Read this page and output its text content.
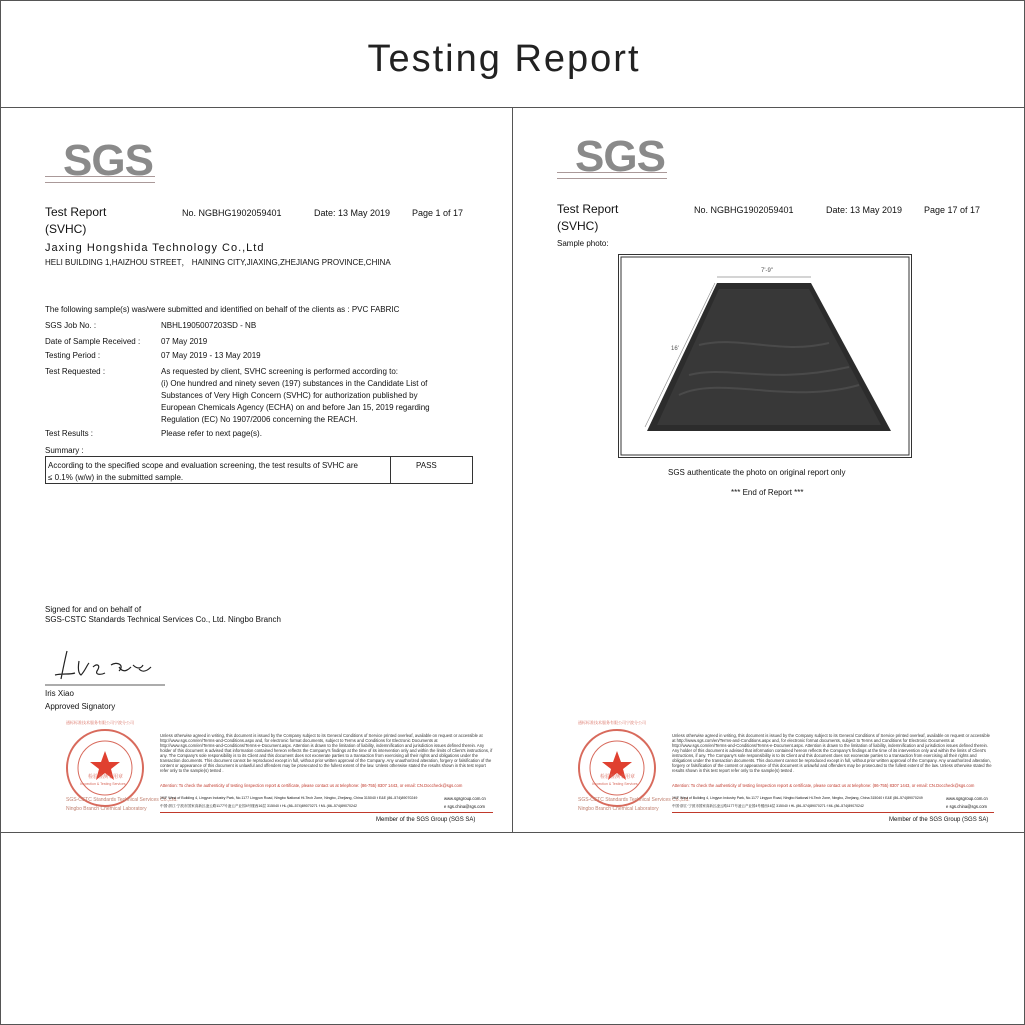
Testing Report
SGS
Test Report
(SVHC)
No. NGBHG1902059401	Date: 13 May 2019 Page 1 of 17
Jaxing Hongshida Technology Co.,Ltd
HELI BUILDING 1,HAIZHOU STREET， HAINING CITY,JIAXING,ZHEJIANG PROVINCE,CHINA
The following sample(s) was/were submitted and identified on behalf of the clients as : PVC FABRIC
SGS Job No. :	NBHL1905007203SD - NB
Date of Sample Received :	07 May 2019
Testing Period :	07 May 2019 - 13 May 2019
Test Requested :	As requested by client, SVHC screening is performed according to:
(i) One hundred and ninety seven (197) substances in the Candidate List of
Substances of Very High Concern (SVHC) for authorization published by
European Chemicals Agency (ECHA) on and before Jan 15, 2019 regarding
Regulation (EC) No 1907/2006 concerning the REACH.
Test Results :	Please refer to next page(s).
Summary :
According to the specified scope and evaluation screening, the test results of SVHC are
≤ 0.1% (w/w) in the submitted sample.
PASS
Signed for and on behalf of
SGS-CSTC Standards Technical Services Co., Ltd. Ningbo Branch
Iris Xiao
Approved Signatory
通标标准技术服务有限公司宁波分公司
检验检测专用章
Inspection & Testing Services
SGS-CSTC Standards Technical Services Co.,Ltd.
Ningbo Branch Chemical Laboratory
Unless otherwise agreed in writing, this document is issued by the Company subject to its General Conditions of Service printed overleaf, available on request or accessible at http://www.sgs.com/en/Terms-and-Conditions.aspx and, for electronic format documents, subject to Terms and Conditions for Electronic Documents at http://www.sgs.com/en/Terms-and-Conditions/Terms-e-Document.aspx. Attention is drawn to the limitation of liability, indemnification and jurisdiction issues defined therein. Any holder of this document is advised that information contained hereon reflects the Company's findings at the time of its intervention only and within the limits of Client's instructions, if any. The Company's sole responsibility is to its Client and this document does not exonerate parties to a transaction from exercising all their rights and obligations under the transaction documents. This document cannot be reproduced except in full, without prior written approval of the Company. Any unauthorized alteration, forgery or falsification of the content or appearance of this document is unlawful and offenders may be prosecuted to the fullest extent of the law. Unless otherwise stated the results shown in this test report refer only to the sample(s) tested .
Attention: To check the authenticity of testing /inspection report & certificate, please contact us at telephone: (86-755) 8307 1443, or email: CN.Doccheck@sgs.com
16/F West of Building 4, Lingyun Industry Park, No.1177 Lingyun Road, Ningbo National Hi-Tech Zone, Ningbo, Zhejiang, China 315040 t E&E (86–574)89070249	www.sgsgroup.com.cn
中国·浙江·宁波市国家高新区凌云路1177号凌云产业园4号楼西16层 315040 t HL (86–574)89070271 f ML (86–574)89070242	e sgs.china@sgs.com
Member of the SGS Group (SGS SA)
SGS
Test Report
(SVHC)
No. NGBHG1902059401	Date: 13 May 2019 Page 17 of 17
Sample photo:
7'-9"
16'
SGS authenticate the photo on original report only
*** End of Report ***
通标标准技术服务有限公司宁波分公司
检验检测专用章
Inspection & Testing Services
SGS-CSTC Standards Technical Services Co.,Ltd.
Ningbo Branch Chemical Laboratory
Unless otherwise agreed in writing, this document is issued by the Company subject to its General Conditions of Service printed overleaf, available on request or accessible at http://www.sgs.com/en/Terms-and-Conditions.aspx and, for electronic format documents, subject to Terms and Conditions for Electronic Documents at http://www.sgs.com/en/Terms-and-Conditions/Terms-e-Document.aspx. Attention is drawn to the limitation of liability, indemnification and jurisdiction issues defined therein. Any holder of this document is advised that information contained hereon reflects the Company's findings at the time of its intervention only and within the limits of Client's instructions, if any. The Company's sole responsibility is to its Client and this document does not exonerate parties to a transaction from exercising all their rights and obligations under the transaction documents. This document cannot be reproduced except in full, without prior written approval of the Company. Any unauthorized alteration, forgery or falsification of the content or appearance of this document is unlawful and offenders may be prosecuted to the fullest extent of the law. Unless otherwise stated the results shown in this test report refer only to the sample(s) tested .
Attention: To check the authenticity of testing /inspection report & certificate, please contact us at telephone: (86-755) 8307 1443, or email: CN.Doccheck@sgs.com
16/F West of Building 4, Lingyun Industry Park, No.1177 Lingyun Road, Ningbo National Hi-Tech Zone, Ningbo, Zhejiang, China 315040 t E&E (86–574)89070249	www.sgsgroup.com.cn
中国·浙江·宁波市国家高新区凌云路1177号凌云产业园4号楼西16层 315040 t HL (86–574)89070271 f ML (86–574)89070242	e sgs.china@sgs.com
Member of the SGS Group (SGS SA)
